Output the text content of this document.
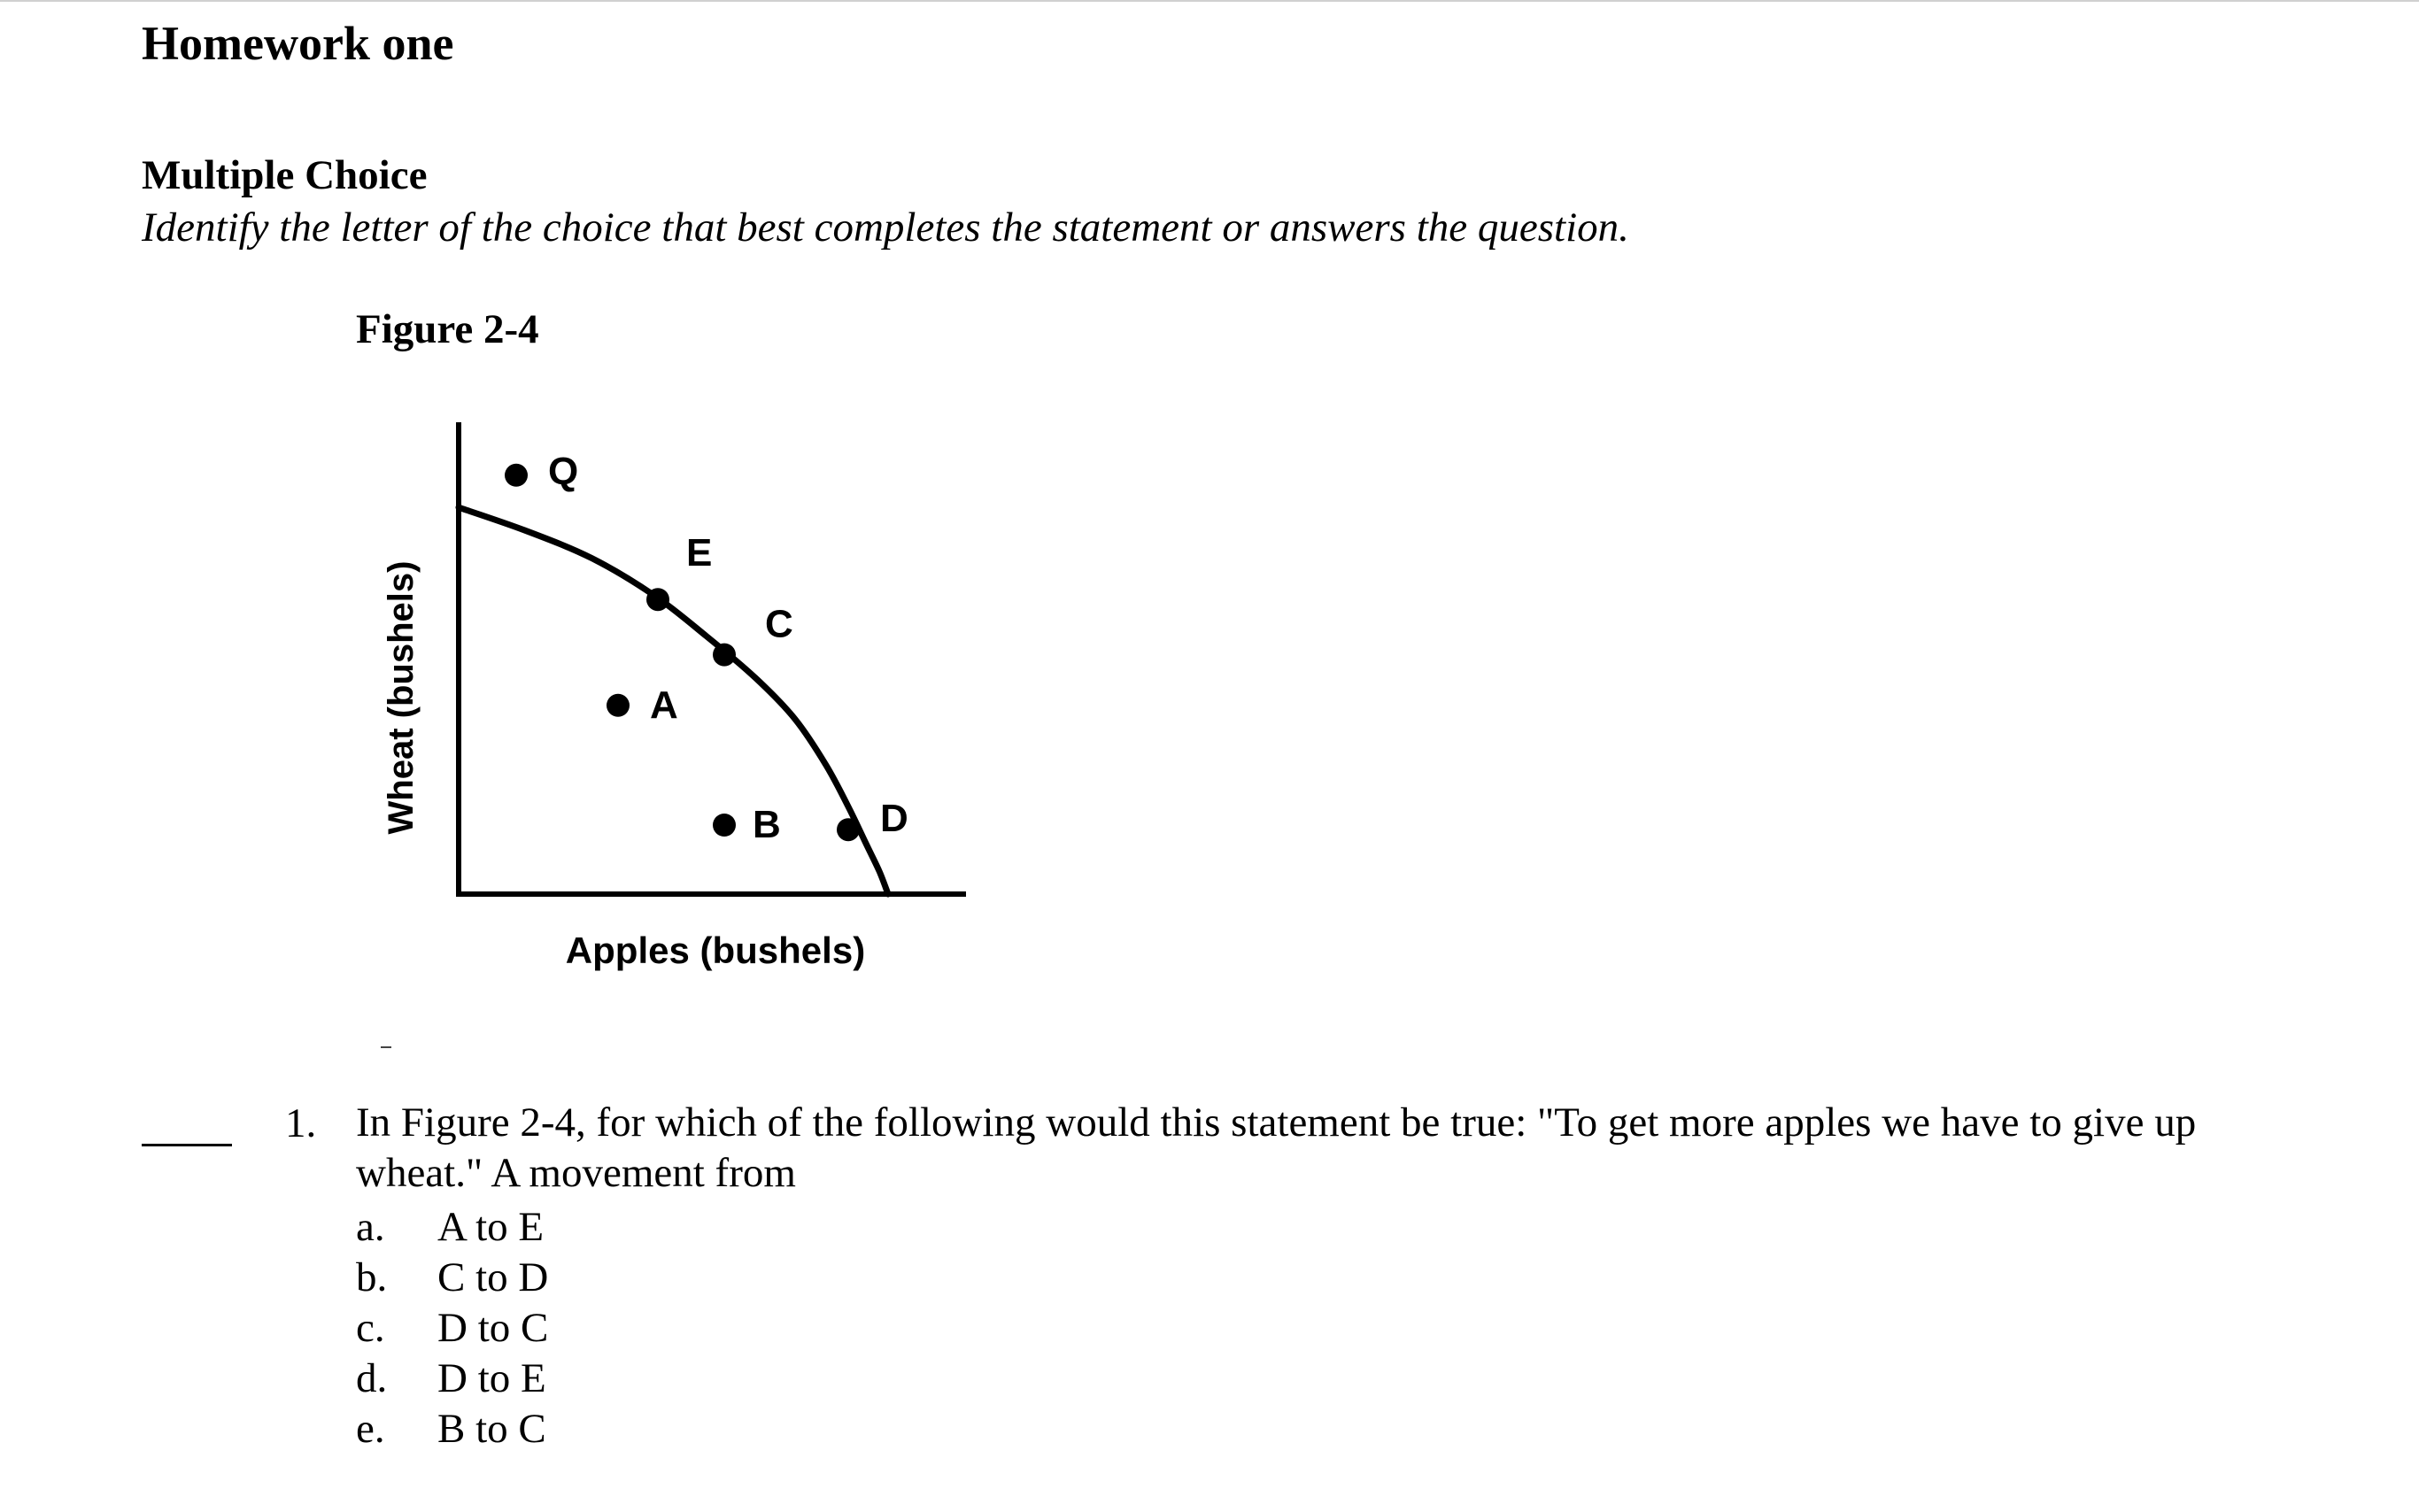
Homework one
Multiple Choice
Identify the letter of the choice that best completes the statement or answers the question.
Figure 2-4
Q
E
C
A
B	D
Apples (bushels)
Wheat (bushels)
1. In Figure 2-4, for which of the following would this statement be true: "To get more apples we have to give up wheat." A movement from
a. A to E
b. C to D
c. D to C
d. D to E
e. B to C
